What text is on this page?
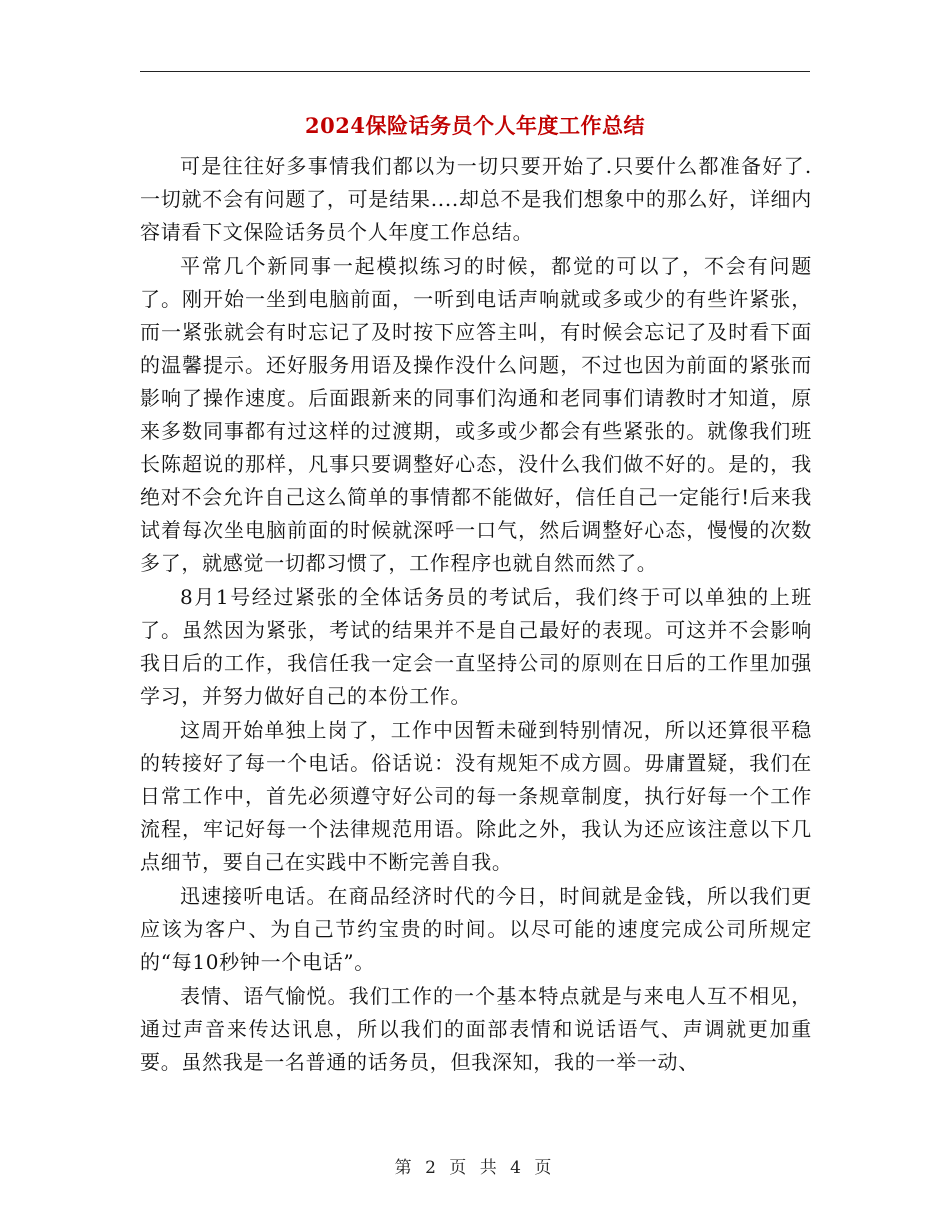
2024保险话务员个人年度工作总结

可是往往好多事情我们都以为一切只要开始了.只要什么都准备好了.一切就不会有问题了，可是结果....却总不是我们想象中的那么好，详细内容请看下文保险话务员个人年度工作总结。

平常几个新同事一起模拟练习的时候，都觉的可以了，不会有问题了。刚开始一坐到电脑前面，一听到电话声响就或多或少的有些许紧张，而一紧张就会有时忘记了及时按下应答主叫，有时候会忘记了及时看下面的温馨提示。还好服务用语及操作没什么问题，不过也因为前面的紧张而影响了操作速度。后面跟新来的同事们沟通和老同事们请教时才知道，原来多数同事都有过这样的过渡期，或多或少都会有些紧张的。就像我们班长陈超说的那样，凡事只要调整好心态，没什么我们做不好的。是的，我绝对不会允许自己这么简单的事情都不能做好，信任自己一定能行!后来我试着每次坐电脑前面的时候就深呼一口气，然后调整好心态，慢慢的次数多了，就感觉一切都习惯了，工作程序也就自然而然了。

8月1号经过紧张的全体话务员的考试后，我们终于可以单独的上班了。虽然因为紧张，考试的结果并不是自己最好的表现。可这并不会影响我日后的工作，我信任我一定会一直坚持公司的原则在日后的工作里加强学习，并努力做好自己的本份工作。

这周开始单独上岗了，工作中因暂未碰到特别情况，所以还算很平稳的转接好了每一个电话。俗话说：没有规矩不成方圆。毋庸置疑，我们在日常工作中，首先必须遵守好公司的每一条规章制度，执行好每一个工作流程，牢记好每一个法律规范用语。除此之外，我认为还应该注意以下几点细节，要自己在实践中不断完善自我。

迅速接听电话。在商品经济时代的今日，时间就是金钱，所以我们更应该为客户、为自己节约宝贵的时间。以尽可能的速度完成公司所规定的“每10秒钟一个电话”。

表情、语气愉悦。我们工作的一个基本特点就是与来电人互不相见，通过声音来传达讯息，所以我们的面部表情和说话语气、声调就更加重要。虽然我是一名普通的话务员，但我深知，我的一举一动、

第 2 页 共 4 页
